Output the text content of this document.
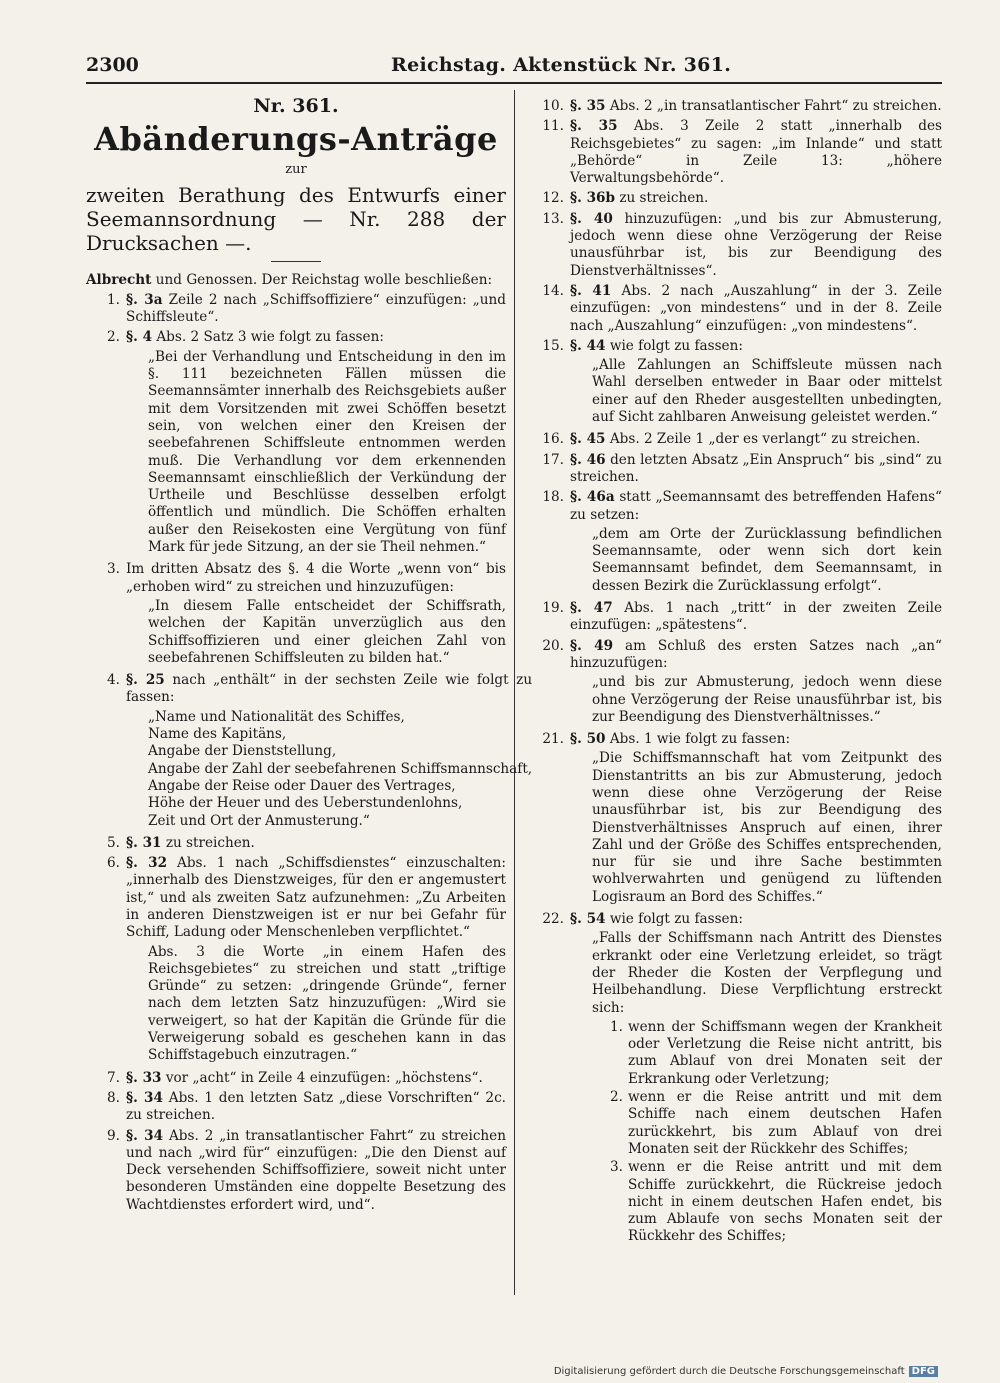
2300	Reichstag. Aktenstück Nr. 361.
Nr. 361.
Abänderungs-Anträge
zur
zweiten Berathung des Entwurfs einer Seemannsordnung — Nr. 288 der Drucksachen —.

Albrecht und Genossen. Der Reichstag wolle beschließen:

1. §. 3a Zeile 2 nach „Schiffsoffiziere“ einzufügen: „und Schiffsleute“.

2. §. 4 Abs. 2 Satz 3 wie folgt zu fassen:

„Bei der Verhandlung und Entscheidung in den im §. 111 bezeichneten Fällen müssen die Seemannsämter innerhalb des Reichsgebiets außer mit dem Vorsitzenden mit zwei Schöffen besetzt sein, von welchen einer den Kreisen der seebefahrenen Schiffsleute entnommen werden muß. Die Verhandlung vor dem erkennenden Seemannsamt einschließlich der Verkündung der Urtheile und Beschlüsse desselben erfolgt öffentlich und mündlich. Die Schöffen erhalten außer den Reisekosten eine Vergütung von fünf Mark für jede Sitzung, an der sie Theil nehmen.“

3. Im dritten Absatz des §. 4 die Worte „wenn von“ bis „erhoben wird“ zu streichen und hinzuzufügen:

„In diesem Falle entscheidet der Schiffsrath, welchen der Kapitän unverzüglich aus den Schiffsoffizieren und einer gleichen Zahl von seebefahrenen Schiffsleuten zu bilden hat.“

4. §. 25 nach „enthält“ in der sechsten Zeile wie folgt zu fassen:

„Name und Nationalität des Schiffes,
Name des Kapitäns,
Angabe der Dienststellung,
Angabe der Zahl der seebefahrenen Schiffsmannschaft,
Angabe der Reise oder Dauer des Vertrages,
Höhe der Heuer und des Ueberstundenlohns,
Zeit und Ort der Anmusterung.“
5. §. 31 zu streichen.

6. §. 32 Abs. 1 nach „Schiffsdienstes“ einzuschalten: „innerhalb des Dienstzweiges, für den er angemustert ist,“ und als zweiten Satz aufzunehmen: „Zu Arbeiten in anderen Dienstzweigen ist er nur bei Gefahr für Schiff, Ladung oder Menschenleben verpflichtet.“

Abs. 3 die Worte „in einem Hafen des Reichsgebietes“ zu streichen und statt „triftige Gründe“ zu setzen: „dringende Gründe“, ferner nach dem letzten Satz hinzuzufügen: „Wird sie verweigert, so hat der Kapitän die Gründe für die Verweigerung sobald es geschehen kann in das Schiffstagebuch einzutragen.“

7. §. 33 vor „acht“ in Zeile 4 einzufügen: „höchstens“.

8. §. 34 Abs. 1 den letzten Satz „diese Vorschriften“ 2c. zu streichen.

9. §. 34 Abs. 2 „in transatlantischer Fahrt“ zu streichen und nach „wird für“ einzufügen: „Die den Dienst auf Deck versehenden Schiffsoffiziere, soweit nicht unter besonderen Umständen eine doppelte Besetzung des Wachtdienstes erfordert wird, und“.

10. §. 35 Abs. 2 „in transatlantischer Fahrt“ zu streichen.

11. §. 35 Abs. 3 Zeile 2 statt „innerhalb des Reichsgebietes“ zu sagen: „im Inlande“ und statt „Behörde“ in Zeile 13: „höhere Verwaltungsbehörde“.

12. §. 36b zu streichen.

13. §. 40 hinzuzufügen: „und bis zur Abmusterung, jedoch wenn diese ohne Verzögerung der Reise unausführbar ist, bis zur Beendigung des Dienstverhältnisses“.

14. §. 41 Abs. 2 nach „Auszahlung“ in der 3. Zeile einzufügen: „von mindestens“ und in der 8. Zeile nach „Auszahlung“ einzufügen: „von mindestens“.

15. §. 44 wie folgt zu fassen:

„Alle Zahlungen an Schiffsleute müssen nach Wahl derselben entweder in Baar oder mittelst einer auf den Rheder ausgestellten unbedingten, auf Sicht zahlbaren Anweisung geleistet werden.“

16. §. 45 Abs. 2 Zeile 1 „der es verlangt“ zu streichen.

17. §. 46 den letzten Absatz „Ein Anspruch“ bis „sind“ zu streichen.

18. §. 46a statt „Seemannsamt des betreffenden Hafens“ zu setzen:

„dem am Orte der Zurücklassung befindlichen Seemannsamte, oder wenn sich dort kein Seemannsamt befindet, dem Seemannsamt, in dessen Bezirk die Zurücklassung erfolgt“.

19. §. 47 Abs. 1 nach „tritt“ in der zweiten Zeile einzufügen: „spätestens“.

20. §. 49 am Schluß des ersten Satzes nach „an“ hinzuzufügen:

„und bis zur Abmusterung, jedoch wenn diese ohne Verzögerung der Reise unausführbar ist, bis zur Beendigung des Dienstverhältnisses.“

21. §. 50 Abs. 1 wie folgt zu fassen:

„Die Schiffsmannschaft hat vom Zeitpunkt des Dienstantritts an bis zur Abmusterung, jedoch wenn diese ohne Verzögerung der Reise unausführbar ist, bis zur Beendigung des Dienstverhältnisses Anspruch auf einen, ihrer Zahl und der Größe des Schiffes entsprechenden, nur für sie und ihre Sache bestimmten wohlverwahrten und genügend zu lüftenden Logisraum an Bord des Schiffes.“

22. §. 54 wie folgt zu fassen:

„Falls der Schiffsmann nach Antritt des Dienstes erkrankt oder eine Verletzung erleidet, so trägt der Rheder die Kosten der Verpflegung und Heilbehandlung. Diese Verpflichtung erstreckt sich:

1. wenn der Schiffsmann wegen der Krankheit oder Verletzung die Reise nicht antritt, bis zum Ablauf von drei Monaten seit der Erkrankung oder Verletzung;
2. wenn er die Reise antritt und mit dem Schiffe nach einem deutschen Hafen zurückkehrt, bis zum Ablauf von drei Monaten seit der Rückkehr des Schiffes;
3. wenn er die Reise antritt und mit dem Schiffe zurückkehrt, die Rückreise jedoch nicht in einem deutschen Hafen endet, bis zum Ablaufe von sechs Monaten seit der Rückkehr des Schiffes;
Digitalisierung gefördert durch die Deutsche Forschungsgemeinschaft DFG
